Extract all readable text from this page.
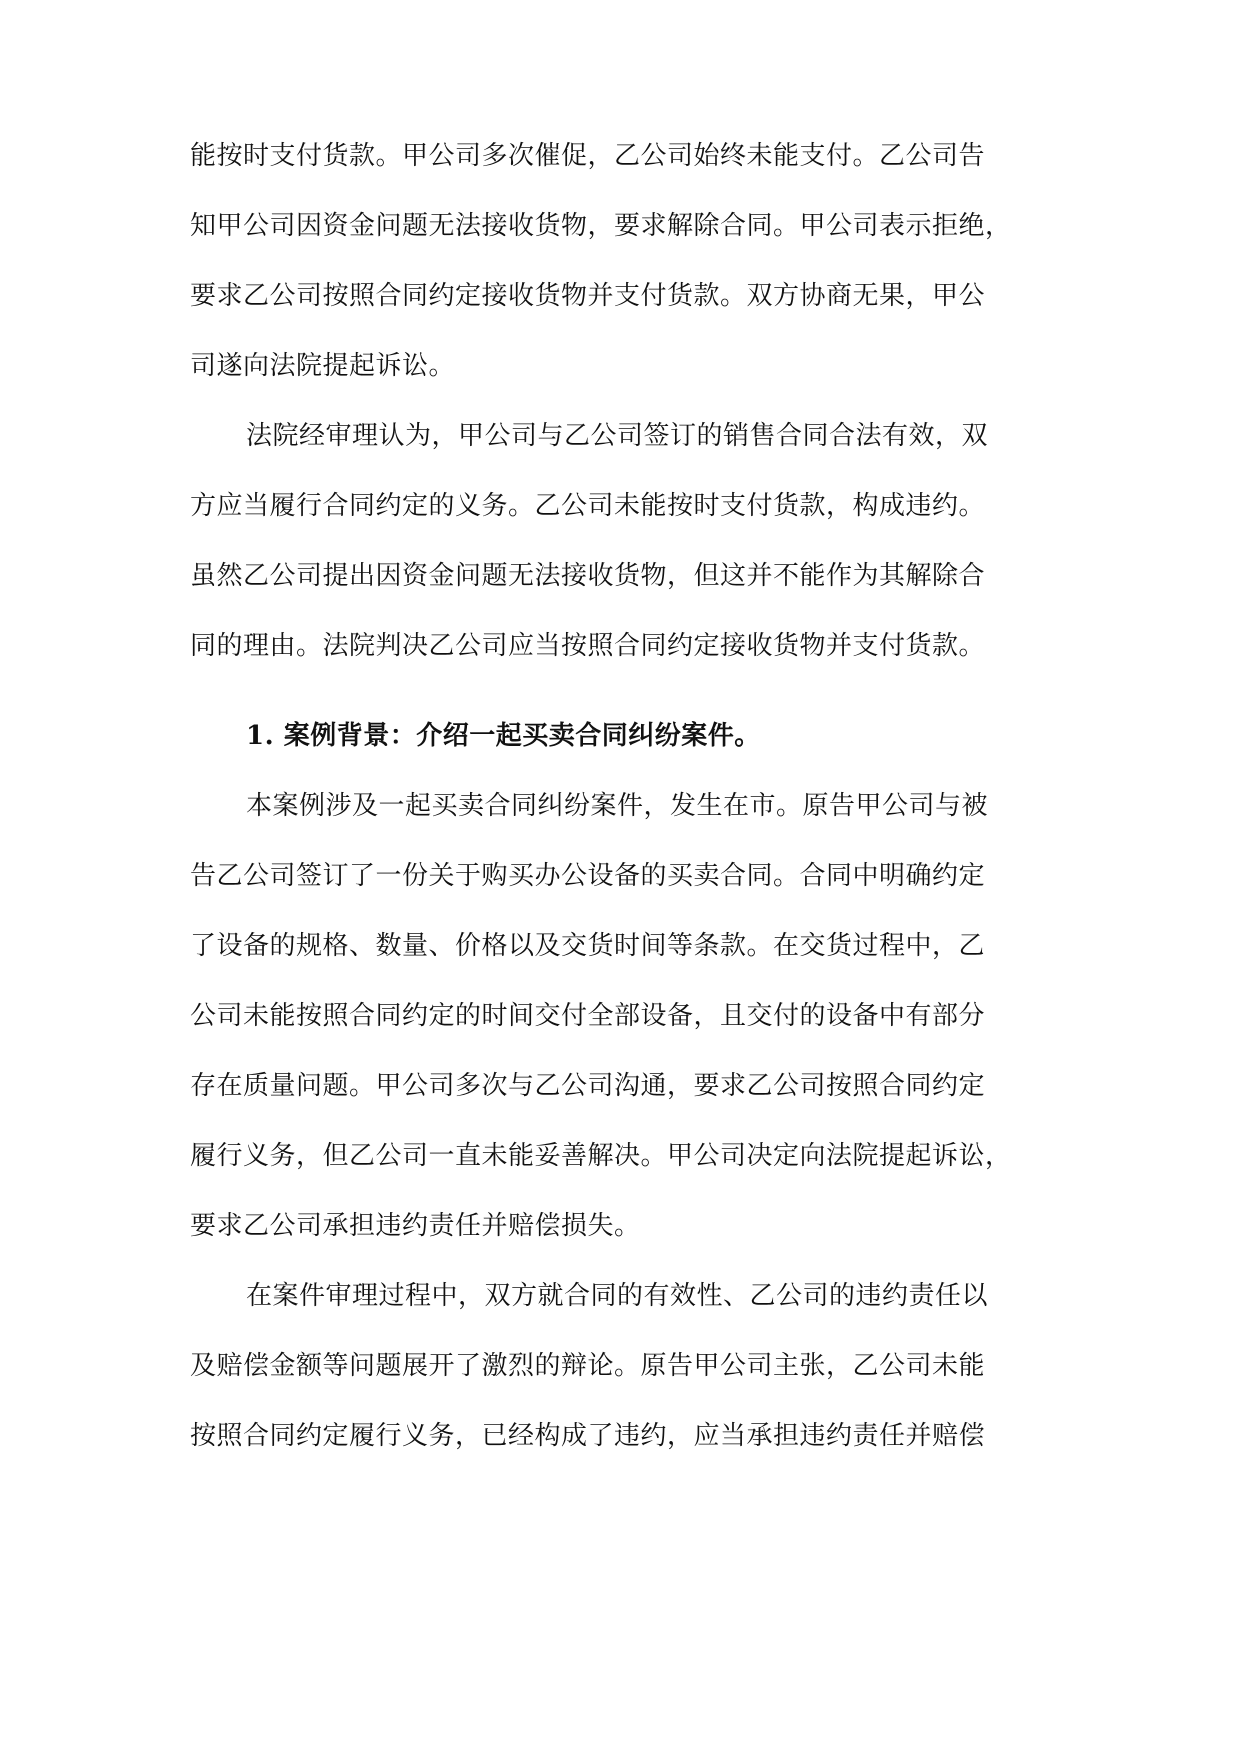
能按时支付货款。甲公司多次催促，乙公司始终未能支付。乙公司告
知甲公司因资金问题无法接收货物，要求解除合同。甲公司表示拒绝，
要求乙公司按照合同约定接收货物并支付货款。双方协商无果，甲公
司遂向法院提起诉讼。
法院经审理认为，甲公司与乙公司签订的销售合同合法有效，双
方应当履行合同约定的义务。乙公司未能按时支付货款，构成违约。
虽然乙公司提出因资金问题无法接收货物，但这并不能作为其解除合
同的理由。法院判决乙公司应当按照合同约定接收货物并支付货款。
1. 案例背景：介绍一起买卖合同纠纷案件。
本案例涉及一起买卖合同纠纷案件，发生在市。原告甲公司与被
告乙公司签订了一份关于购买办公设备的买卖合同。合同中明确约定
了设备的规格、数量、价格以及交货时间等条款。在交货过程中，乙
公司未能按照合同约定的时间交付全部设备，且交付的设备中有部分
存在质量问题。甲公司多次与乙公司沟通，要求乙公司按照合同约定
履行义务，但乙公司一直未能妥善解决。甲公司决定向法院提起诉讼，
要求乙公司承担违约责任并赔偿损失。
在案件审理过程中，双方就合同的有效性、乙公司的违约责任以
及赔偿金额等问题展开了激烈的辩论。原告甲公司主张，乙公司未能
按照合同约定履行义务，已经构成了违约，应当承担违约责任并赔偿
